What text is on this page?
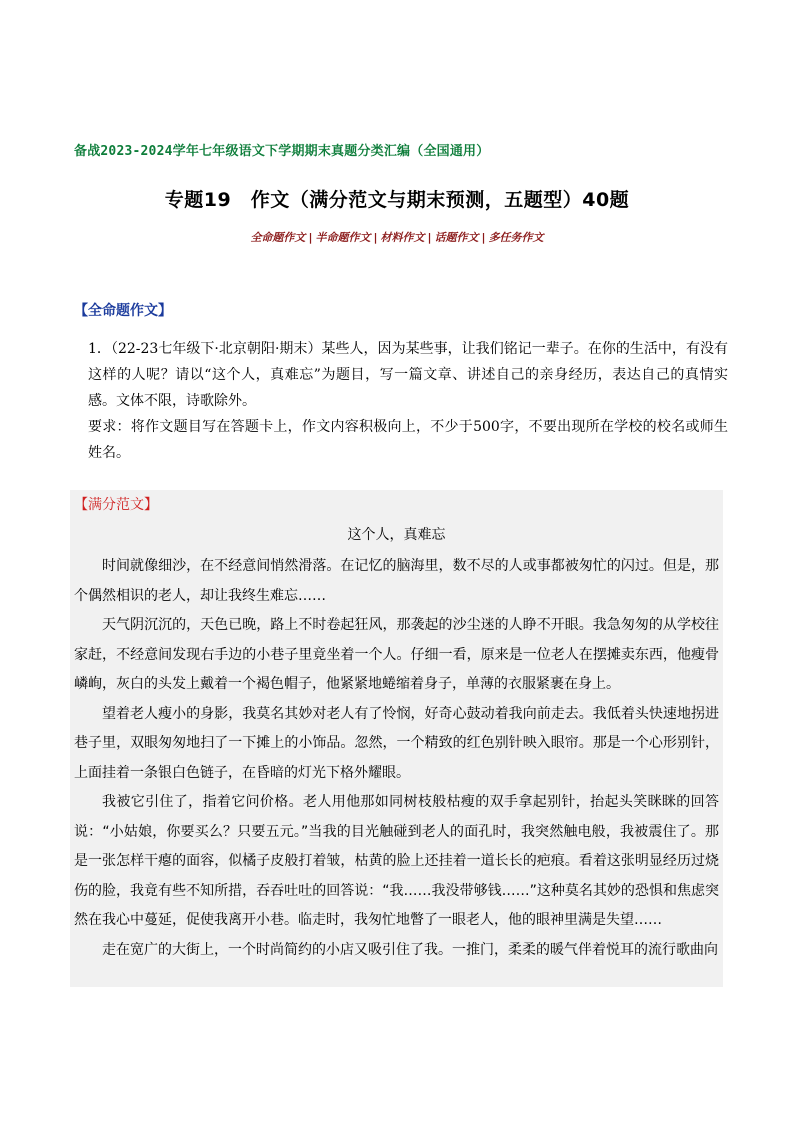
备战2023-2024学年七年级语文下学期期末真题分类汇编（全国通用）
专题19　作文（满分范文与期末预测，五题型）40题
全命题作文 | 半命题作文 | 材料作文 | 话题作文 | 多任务作文
【全命题作文】

1．（22-23七年级下·北京朝阳·期末）某些人，因为某些事，让我们铭记一辈子。在你的生活中，有没有这样的人呢？请以“这个人，真难忘”为题目，写一篇文章、讲述自己的亲身经历，表达自己的真情实感。文体不限，诗歌除外。

要求：将作文题目写在答题卡上，作文内容积极向上，不少于500字，不要出现所在学校的校名或师生姓名。

【满分范文】
这个人，真难忘

时间就像细沙，在不经意间悄然滑落。在记忆的脑海里，数不尽的人或事都被匆忙的闪过。但是，那个偶然相识的老人，却让我终生难忘……

天气阴沉沉的，天色已晚，路上不时卷起狂风，那袭起的沙尘迷的人睁不开眼。我急匆匆的从学校往家赶，不经意间发现右手边的小巷子里竟坐着一个人。仔细一看，原来是一位老人在摆摊卖东西，他瘦骨嶙峋，灰白的头发上戴着一个褐色帽子，他紧紧地蜷缩着身子，单薄的衣服紧裹在身上。

望着老人瘦小的身影，我莫名其妙对老人有了怜悯，好奇心鼓动着我向前走去。我低着头快速地拐进巷子里，双眼匆匆地扫了一下摊上的小饰品。忽然，一个精致的红色别针映入眼帘。那是一个心形别针，上面挂着一条银白色链子，在昏暗的灯光下格外耀眼。

我被它引住了，指着它问价格。老人用他那如同树枝般枯瘦的双手拿起别针，抬起头笑眯眯的回答说：“小姑娘，你要买么？只要五元。”当我的目光触碰到老人的面孔时，我突然触电般，我被震住了。那是一张怎样干瘪的面容，似橘子皮般打着皱，枯黄的脸上还挂着一道长长的疤痕。看着这张明显经历过烧伤的脸，我竟有些不知所措，吞吞吐吐的回答说：“我……我没带够钱……”这种莫名其妙的恐惧和焦虑突然在我心中蔓延，促使我离开小巷。临走时，我匆忙地瞥了一眼老人，他的眼神里满是失望……

走在宽广的大街上，一个时尚简约的小店又吸引住了我。一推门，柔柔的暖气伴着悦耳的流行歌曲向
